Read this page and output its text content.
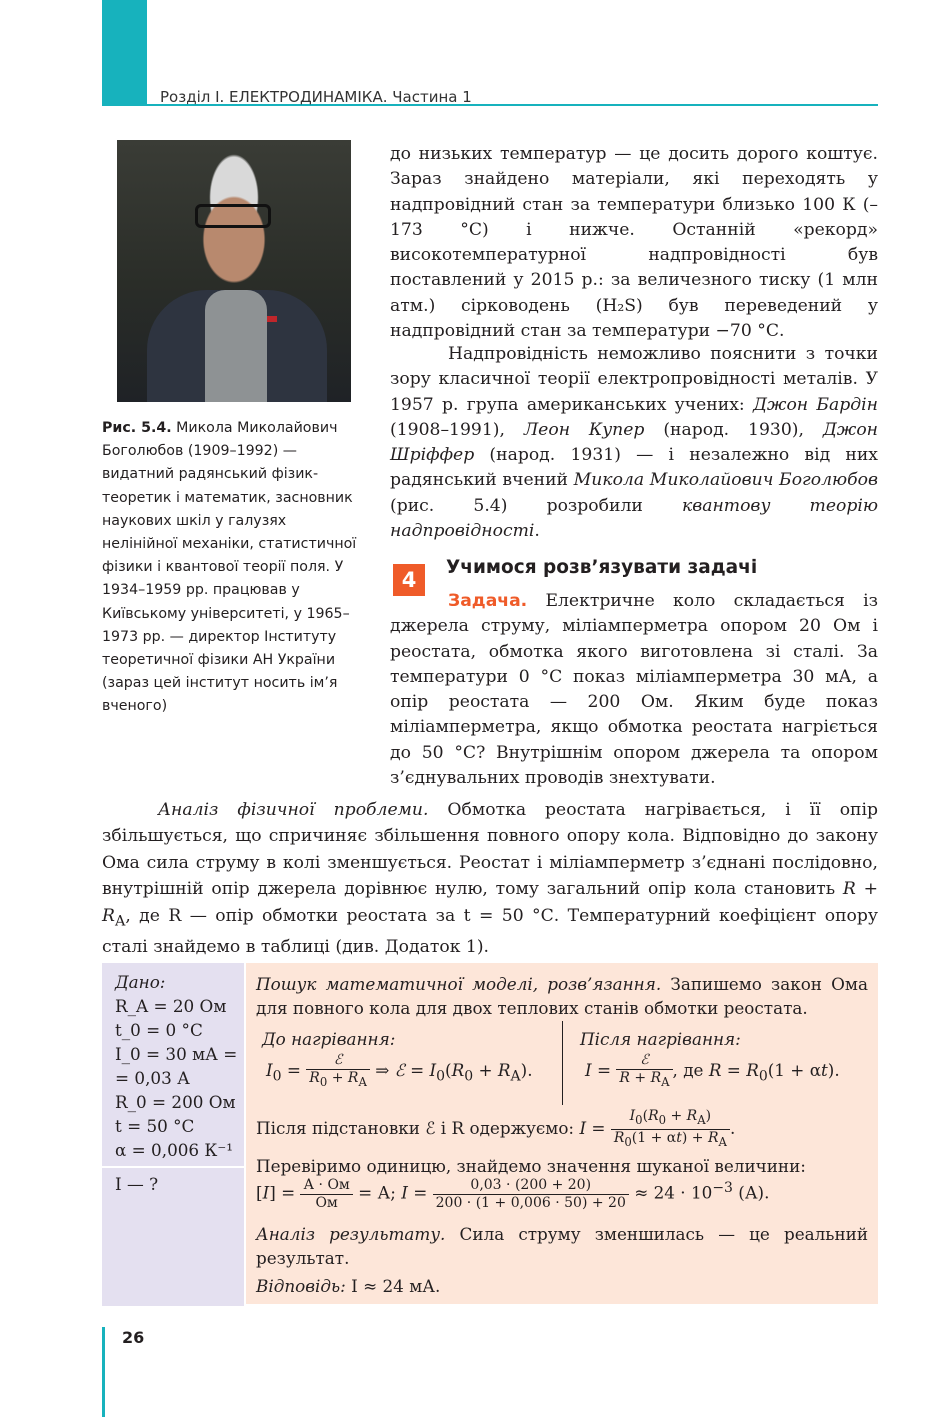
Розділ І. ЕЛЕКТРОДИНАМІКА. Частина 1
Рис. 5.4. Микола Миколайович Боголюбов (1909–1992) — видатний радянський фізик-теоретик і математик, засновник наукових шкіл у галузях нелінійної механіки, статистичної фізики і квантової теорії поля. У 1934–1959 рр. працював у Київському університеті, у 1965–1973 рр. — директор Інституту теоретичної фізики АН України (зараз цей інститут носить ім’я вченого)
до низьких температур — це досить дорого коштує. Зараз знайдено матеріали, які переходять у надпровідний стан за температури близько 100 К (–173 °С) і нижче. Останній «рекорд» високотемпературної надпровідності був поставлений у 2015 р.: за величезного тиску (1 млн атм.) сірководень (H₂S) був переведений у надпровідний стан за температури −70 °С.
Надпровідність неможливо пояснити з точки зору класичної теорії електропровідності металів. У 1957 р. група американських учених: Джон Бардін (1908–1991), Леон Купер (народ. 1930), Джон Шріффер (народ. 1931) — і незалежно від них радянський вчений Микола Миколайович Боголюбов (рис. 5.4) розробили квантову теорію надпровідності.
4
Учимося розв’язувати задачі
Задача. Електричне коло складається із джерела струму, міліамперметра опором 20 Ом і реостата, обмотка якого виготовлена зі сталі. За температури 0 °С показ міліамперметра 30 мА, а опір реостата — 200 Ом. Яким буде показ міліамперметра, якщо обмотка реостата нагріється до 50 °С? Внутрішнім опором джерела та опором з’єднувальних проводів знехтувати.
Аналіз фізичної проблеми. Обмотка реостата нагрівається, і її опір збільшується, що спричиняє збільшення повного опору кола. Відповідно до закону Ома сила струму в колі зменшується. Реостат і міліамперметр з’єднані послідовно, внутрішній опір джерела дорівнює нулю, тому загальний опір кола становить $R + R_A$, де R — опір обмотки реостата за t = 50 °С. Температурний коефіцієнт опору сталі знайдемо в таблиці (див. Додаток 1).
Дано:
R_A = 20 Ом
t_0 = 0 °С
I_0 = 30 мА =
= 0,03 А
R_0 = 200 Ом
t = 50 °С
α = 0,006 К⁻¹
I — ?
Пошук математичної моделі, розв’язання. Запишемо закон Ома для повного кола для двох теплових станів обмотки реостата.
До нагрівання:	Після нагрівання:
$I_0 = \frac{\text{ℰ}}{R_0 + R_A}$ ⇒ ℰ = $I_0(R_0 + R_A)$.	$I = \frac{\text{ℰ}}{R + R_A}$ , де $R = R_0(1 + \alpha t)$.
Після підстановки ℰ і R одержуємо: $I = \frac{I_0(R_0 + R_A)}{R_0(1 + \alpha t) + R_A}$ .
Перевіримо одиницю, знайдемо значення шуканої величини:
$[I] = \frac{А \cdot Ом}{Ом} = А$; $I = \frac{0,03 \cdot (200 + 20)}{200 \cdot (1 + 0,006 \cdot 50) + 20} \approx 24 \cdot 10^{-3}$ (А).
Аналіз результату. Сила струму зменшилась — це реальний результат.
Відповідь: I ≈ 24 мА.
26
